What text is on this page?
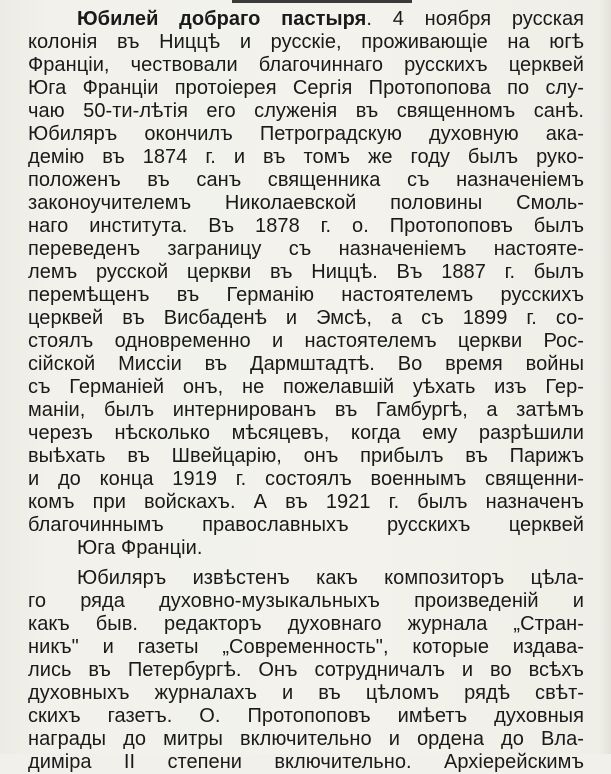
Юбилей добраго пастыря. 4 ноября русская
колонія въ Ниццѣ и русскіе, проживающіе на югѣ
Франціи, чествовали благочиннаго русскихъ церквей
Юга Франціи протоіерея Сергія Протопопова по слу-
чаю 50-ти-лѣтія его служенія въ священномъ санѣ.
Юбиляръ окончилъ Петроградскую духовную ака-
демію въ 1874 г. и въ томъ же году былъ руко-
положенъ въ санъ священника съ назначеніемъ
законоучителемъ Николаевской половины Смоль-
наго института. Въ 1878 г. о. Протопоповъ былъ
переведенъ заграницу съ назначеніемъ настояте-
лемъ русской церкви въ Ниццѣ. Въ 1887 г. былъ
перемѣщенъ въ Германію настоятелемъ русскихъ
церквей въ Висбаденѣ и Эмсѣ, а съ 1899 г. со-
стоялъ одновременно и настоятелемъ церкви Рос-
сійской Миссіи въ Дармштадтѣ. Во время войны
съ Германіей онъ, не пожелавшій уѣхать изъ Гер-
маніи, былъ интернированъ въ Гамбургѣ, а затѣмъ
черезъ нѣсколько мѣсяцевъ, когда ему разрѣшили
выѣхать въ Швейцарію, онъ прибылъ въ Парижъ
и до конца 1919 г. состоялъ военнымъ священни-
комъ при войскахъ. А въ 1921 г. былъ назначенъ
благочиннымъ православныхъ русскихъ церквей
Юга Франціи.
Юбиляръ извѣстенъ какъ композиторъ цѣла-
го ряда духовно-музыкальныхъ произведеній и
какъ быв. редакторъ духовнаго журнала „Стран-
никъ" и газеты „Современность", которые издава-
лись въ Петербургѣ. Онъ сотрудничалъ и во всѣхъ
духовныхъ журналахъ и въ цѣломъ рядѣ свѣт-
скихъ газетъ. О. Протопоповъ имѣетъ духовныя
награды до митры включительно и ордена до Вла-
диміра II степени включительно. Архіерейскимъ
